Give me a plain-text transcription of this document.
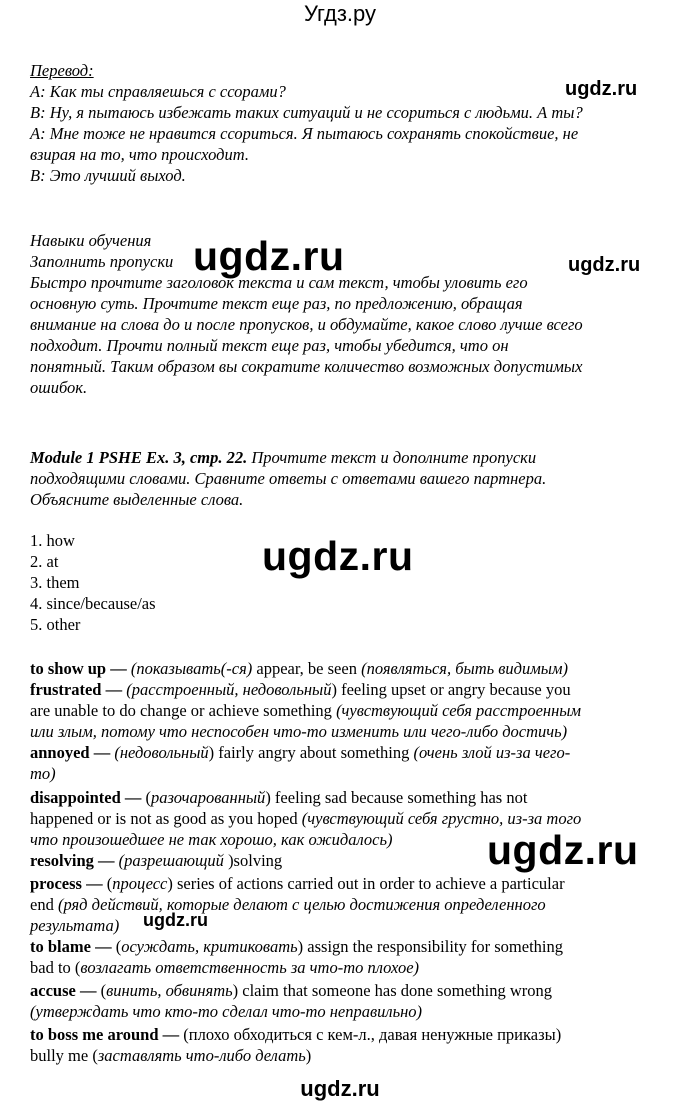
Угдз.ру
Перевод:
A: Как ты справляешься с ссорами?
B: Ну, я пытаюсь избежать таких ситуаций и не ссориться с людьми. А ты?
A: Мне тоже не нравится ссориться. Я пытаюсь сохранять спокойствие, не
взирая на то, что происходит.
B: Это лучший выход.
ugdz.ru
Навыки обучения
Заполнить пропуски
Быстро прочтите заголовок текста и сам текст, чтобы уловить его
основную суть. Прочтите текст еще раз, по предложению, обращая
внимание на слова до и после пропусков, и обдумайте, какое слово лучше всего
подходит. Прочти полный текст еще раз, чтобы убедится, что он
понятный. Таким образом вы сократите количество возможных допустимых
ошибок.
ugdz.ru	ugdz.ru
Module 1 PSHE Ex. 3, стр. 22. Прочтите текст и дополните пропуски
подходящими словами. Сравните ответы с ответами вашего партнера.
Объясните выделенные слова.
1. how
2. at
3. them
4. since/because/as
5. other
ugdz.ru
to show up — (показывать(-ся) appear, be seen (появляться, быть видимым)
frustrated — (расстроенный, недовольный) feeling upset or angry because you
are unable to do change or achieve something (чувствующий себя расстроенным
или злым, потому что неспособен что-то изменить или чего-либо достичь)
annoyed — (недовольный) fairly angry about something (очень злой из-за чего-
то)
disappointed — (разочарованный) feeling sad because something has not
happened or is not as good as you hoped (чувствующий себя грустно, из-за того
что произошедшее не так хорошо, как ожидалось)
resolving — (разрешающий )solving	ugdz.ru
process — (процесс) series of actions carried out in order to achieve a particular
end (ряд действий, которые делают с целью достижения определенного
результата) ugdz.ru
to blame — (осуждать, критиковать) assign the responsibility for something
bad to (возлагать ответственность за что-то плохое)
accuse — (винить, обвинять) claim that someone has done something wrong
(утверждать что кто-то сделал что-то неправильно)
to boss me around — (плохо обходиться с кем-л., давая ненужные приказы)
bully me (заставлять что-либо делать)
ugdz.ru
